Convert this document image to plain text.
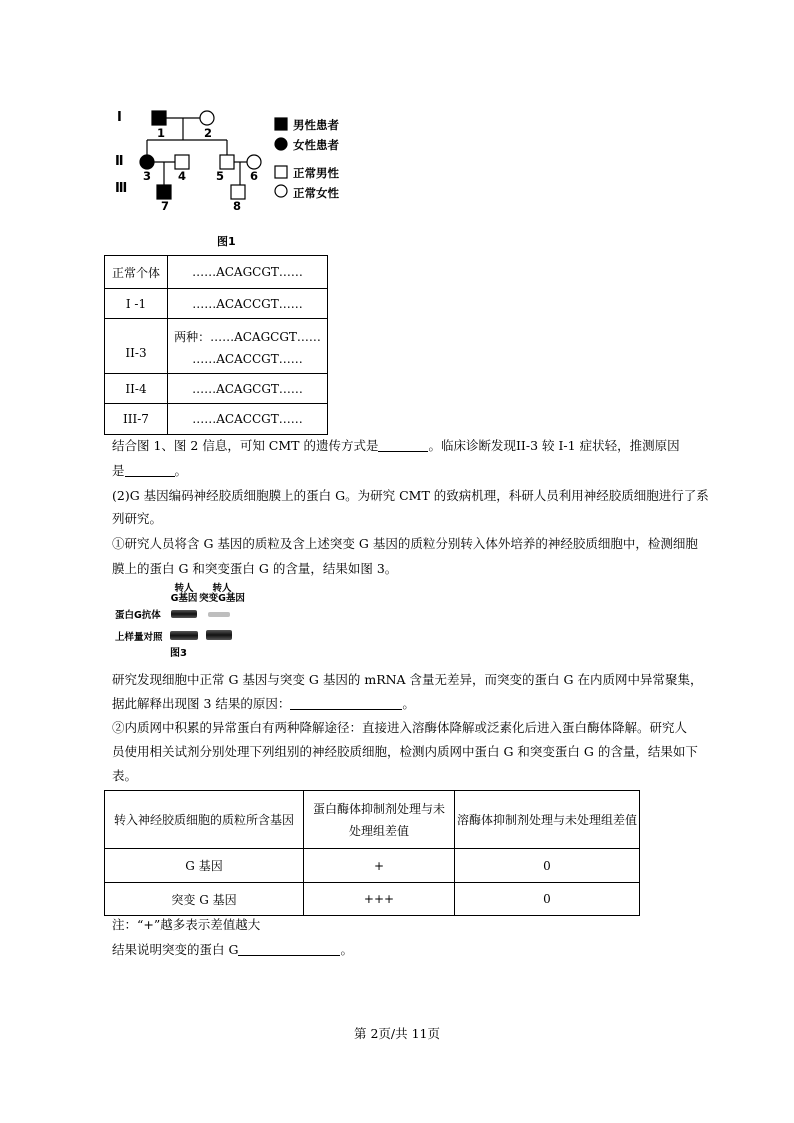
Ⅰ
Ⅱ
Ⅲ
1	2
3 4	5 6
7	8
男性患者
女性患者
正常男性
正常女性
图1
正常个体	……ACAGCGT……
I -1	……ACACCGT……
II-3	两种：……ACAGCGT……
……ACACCGT……

II-4	……ACAGCGT……
III-7	……ACACCGT……
结合图 1、图 2 信息，可知 CMT 的遗传方式是	。临床诊断发现II-3 较 I-1 症状轻，推测原因
是	。
(2)G 基因编码神经胶质细胞膜上的蛋白 G。为研究 CMT 的致病机理，科研人员利用神经胶质细胞进行了系
列研究。
①研究人员将含 G 基因的质粒及含上述突变 G 基因的质粒分别转入体外培养的神经胶质细胞中，检测细胞
膜上的蛋白 G 和突变蛋白 G 的含量，结果如图 3。
转人
G基因
转人
突变G基因
蛋白G抗体
上样量对照
图3
研究发现细胞中正常 G 基因与突变 G 基因的 mRNA 含量无差异，而突变的蛋白 G 在内质网中异常聚集，
据此解释出现图 3 结果的原因：	。
②内质网中积累的异常蛋白有两种降解途径：直接进入溶酶体降解或泛素化后进入蛋白酶体降解。研究人
员使用相关试剂分别处理下列组别的神经胶质细胞，检测内质网中蛋白 G 和突变蛋白 G 的含量，结果如下
表。
转入神经胶质细胞的质粒所含基因	蛋白酶体抑制剂处理与未处理组差值	溶酶体抑制剂处理与未处理组差值
G 基因	+	0
突变 G 基因	+++	0
注：“+”越多表示差值越大
结果说明突变的蛋白 G	。
第 2页/共 11页
